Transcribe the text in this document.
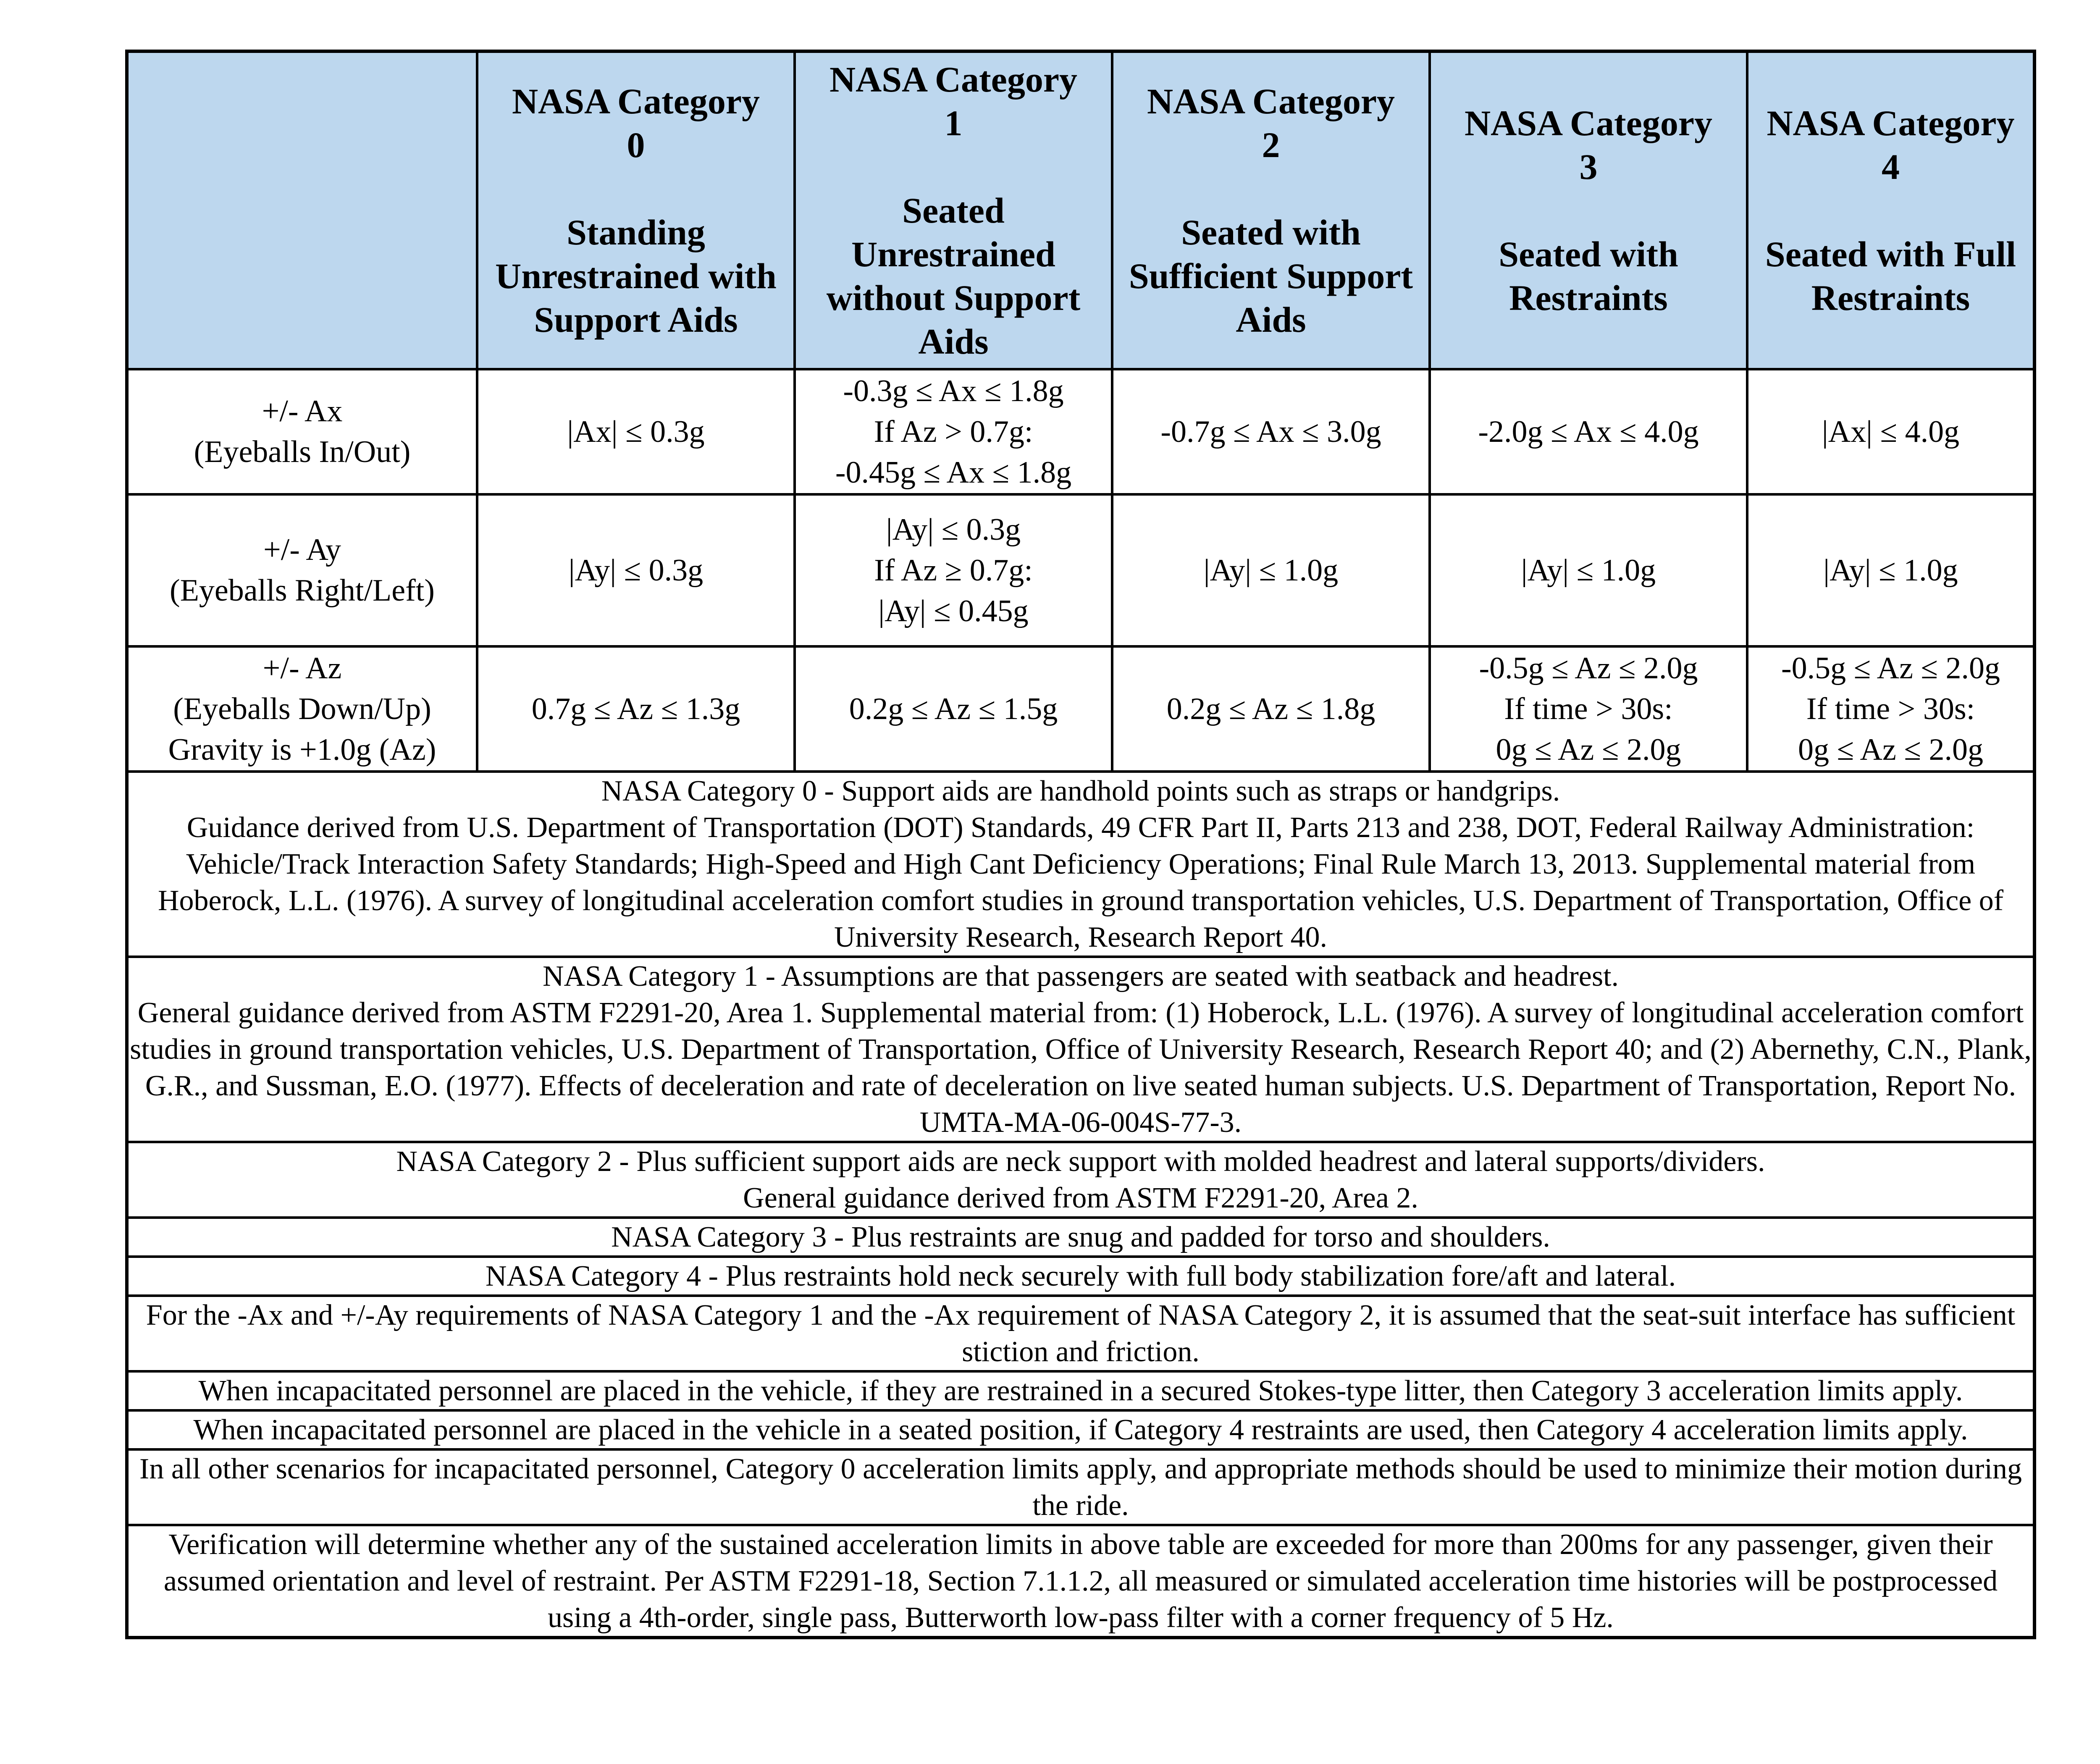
	NASA Category
0
Standing Unrestrained with Support Aids	NASA Category
1
Seated Unrestrained without Support Aids	NASA Category
2
Seated with Sufficient Support Aids	NASA Category
3
Seated with Restraints	NASA Category
4
Seated with Full Restraints

+/- Ax
(Eyeballs In/Out)	|Ax| ≤ 0.3g	-0.3g ≤ Ax ≤ 1.8g
If Az > 0.7g:
-0.45g ≤ Ax ≤ 1.8g	-0.7g ≤ Ax ≤ 3.0g	-2.0g ≤ Ax ≤ 4.0g	|Ax| ≤ 4.0g

+/- Ay
(Eyeballs Right/Left)	|Ay| ≤ 0.3g	|Ay| ≤ 0.3g
If Az ≥ 0.7g:
|Ay| ≤ 0.45g	|Ay| ≤ 1.0g	|Ay| ≤ 1.0g	|Ay| ≤ 1.0g

+/- Az
(Eyeballs Down/Up)
Gravity is +1.0g (Az)	0.7g ≤ Az ≤ 1.3g	0.2g ≤ Az ≤ 1.5g	0.2g ≤ Az ≤ 1.8g	-0.5g ≤ Az ≤ 2.0g
If time > 30s:
0g ≤ Az ≤ 2.0g	-0.5g ≤ Az ≤ 2.0g
If time > 30s:
0g ≤ Az ≤ 2.0g

NASA Category 0 - Support aids are handhold points such as straps or handgrips.
Guidance derived from U.S. Department of Transportation (DOT) Standards, 49 CFR Part II, Parts 213 and 238, DOT, Federal Railway Administration: Vehicle/Track Interaction Safety Standards; High-Speed and High Cant Deficiency Operations; Final Rule March 13, 2013. Supplemental material from Hoberock, L.L. (1976). A survey of longitudinal acceleration comfort studies in ground transportation vehicles, U.S. Department of Transportation, Office of University Research, Research Report 40.					

NASA Category 1 - Assumptions are that passengers are seated with seatback and headrest.
General guidance derived from ASTM F2291-20, Area 1. Supplemental material from: (1) Hoberock, L.L. (1976). A survey of longitudinal acceleration comfort studies in ground transportation vehicles, U.S. Department of Transportation, Office of University Research, Research Report 40; and (2) Abernethy, C.N., Plank, G.R., and Sussman, E.O. (1977). Effects of deceleration and rate of deceleration on live seated human subjects. U.S. Department of Transportation, Report No. UMTA-MA-06-004S-77-3.					

NASA Category 2 - Plus sufficient support aids are neck support with molded headrest and lateral supports/dividers.
General guidance derived from ASTM F2291-20, Area 2.					

NASA Category 3 - Plus restraints are snug and padded for torso and shoulders.					

NASA Category 4 - Plus restraints hold neck securely with full body stabilization fore/aft and lateral.					

For the -Ax and +/-Ay requirements of NASA Category 1 and the -Ax requirement of NASA Category 2, it is assumed that the seat-suit interface has sufficient stiction and friction.					

When incapacitated personnel are placed in the vehicle, if they are restrained in a secured Stokes-type litter, then Category 3 acceleration limits apply.					

When incapacitated personnel are placed in the vehicle in a seated position, if Category 4 restraints are used, then Category 4 acceleration limits apply.					

In all other scenarios for incapacitated personnel, Category 0 acceleration limits apply, and appropriate methods should be used to minimize their motion during the ride.					

Verification will determine whether any of the sustained acceleration limits in above table are exceeded for more than 200ms for any passenger, given their assumed orientation and level of restraint. Per ASTM F2291-18, Section 7.1.1.2, all measured or simulated acceleration time histories will be postprocessed using a 4th-order, single pass, Butterworth low-pass filter with a corner frequency of 5 Hz.					
